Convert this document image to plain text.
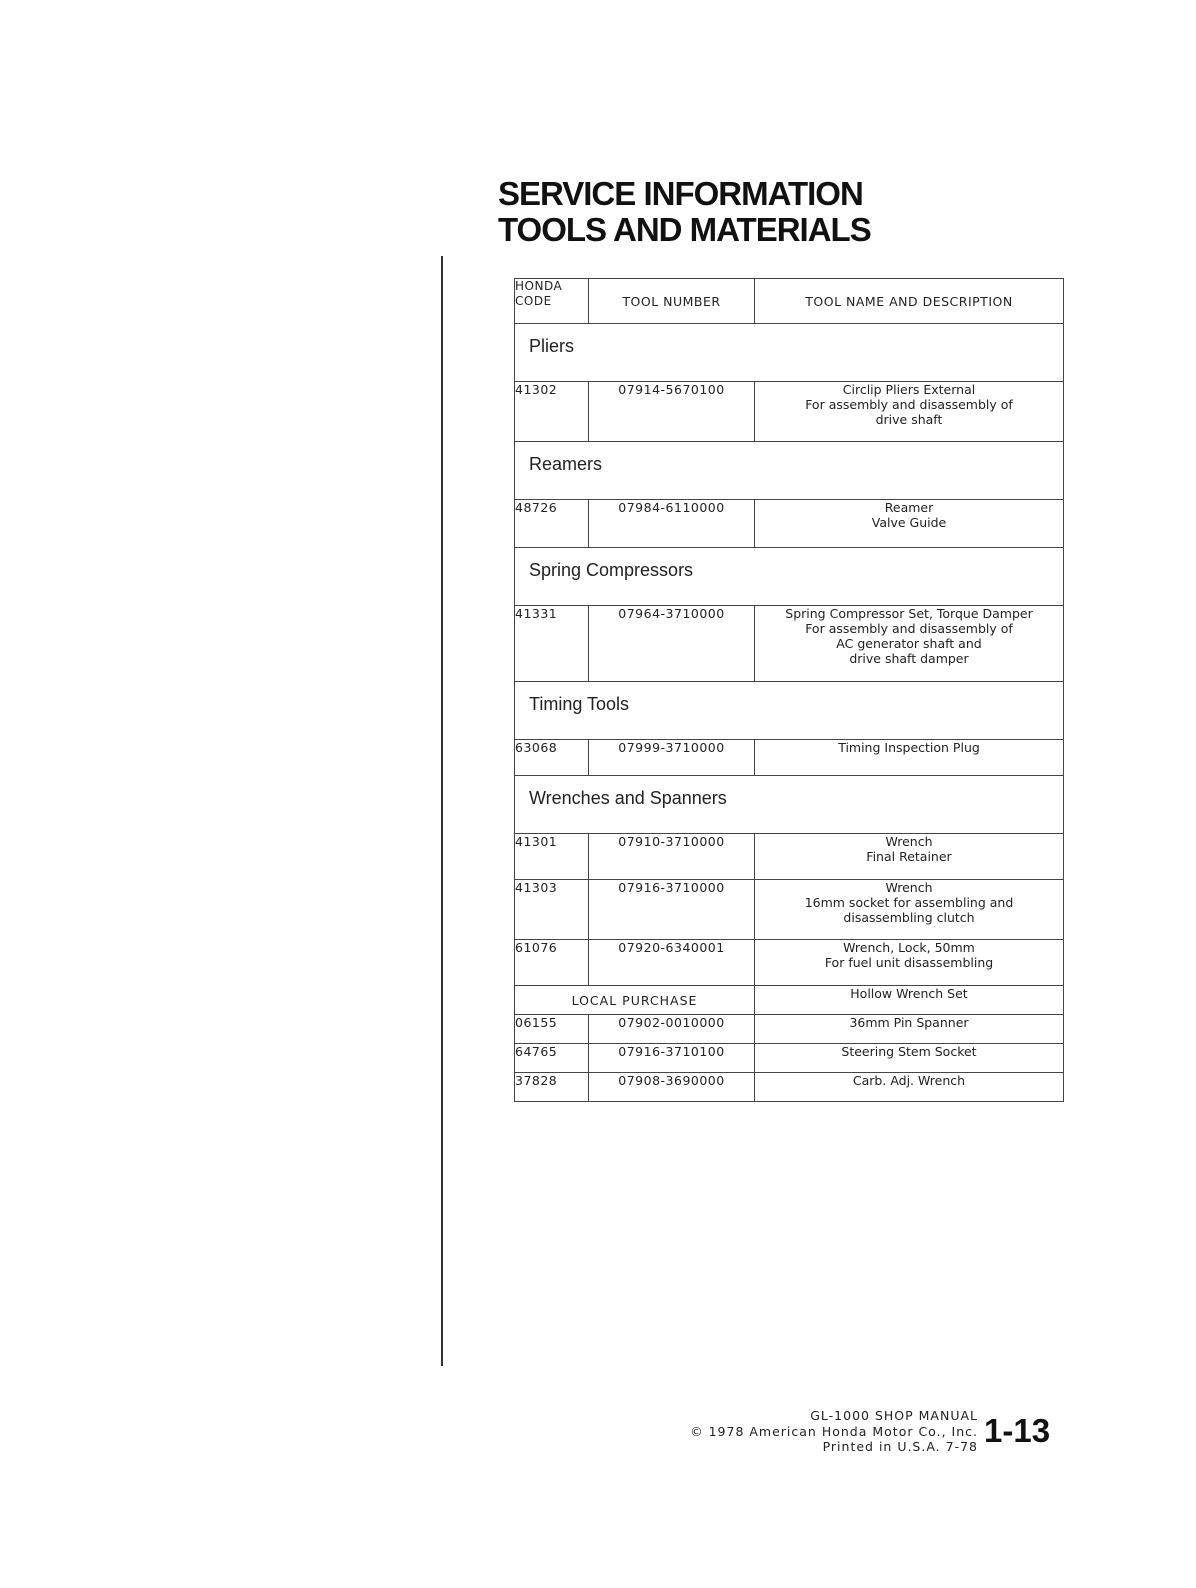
SERVICE INFORMATION
TOOLS AND MATERIALS
HONDA CODE	TOOL NUMBER	TOOL NAME AND DESCRIPTION
Pliers		
41302	07914-5670100	Circlip Pliers External
For assembly and disassembly of
drive shaft

Reamers		
48726	07984-6110000	Reamer
Valve Guide

Spring Compressors		
41331	07964-3710000	Spring Compressor Set, Torque Damper
For assembly and disassembly of
AC generator shaft and
drive shaft damper

Timing Tools		
63068	07999-3710000	Timing Inspection Plug

Wrenches and Spanners		
41301	07910-3710000	Wrench
Final Retainer

41303	07916-3710000	Wrench
16mm socket for assembling and
disassembling clutch

61076	07920-6340001	Wrench, Lock, 50mm
For fuel unit disassembling

LOCAL PURCHASE		Hollow Wrench Set
06155	07902-0010000	36mm Pin Spanner
64765	07916-3710100	Steering Stem Socket
37828	07908-3690000	Carb. Adj. Wrench
GL-1000 SHOP MANUAL
© 1978 American Honda Motor Co., Inc.
Printed in U.S.A. 7-78 1-13
